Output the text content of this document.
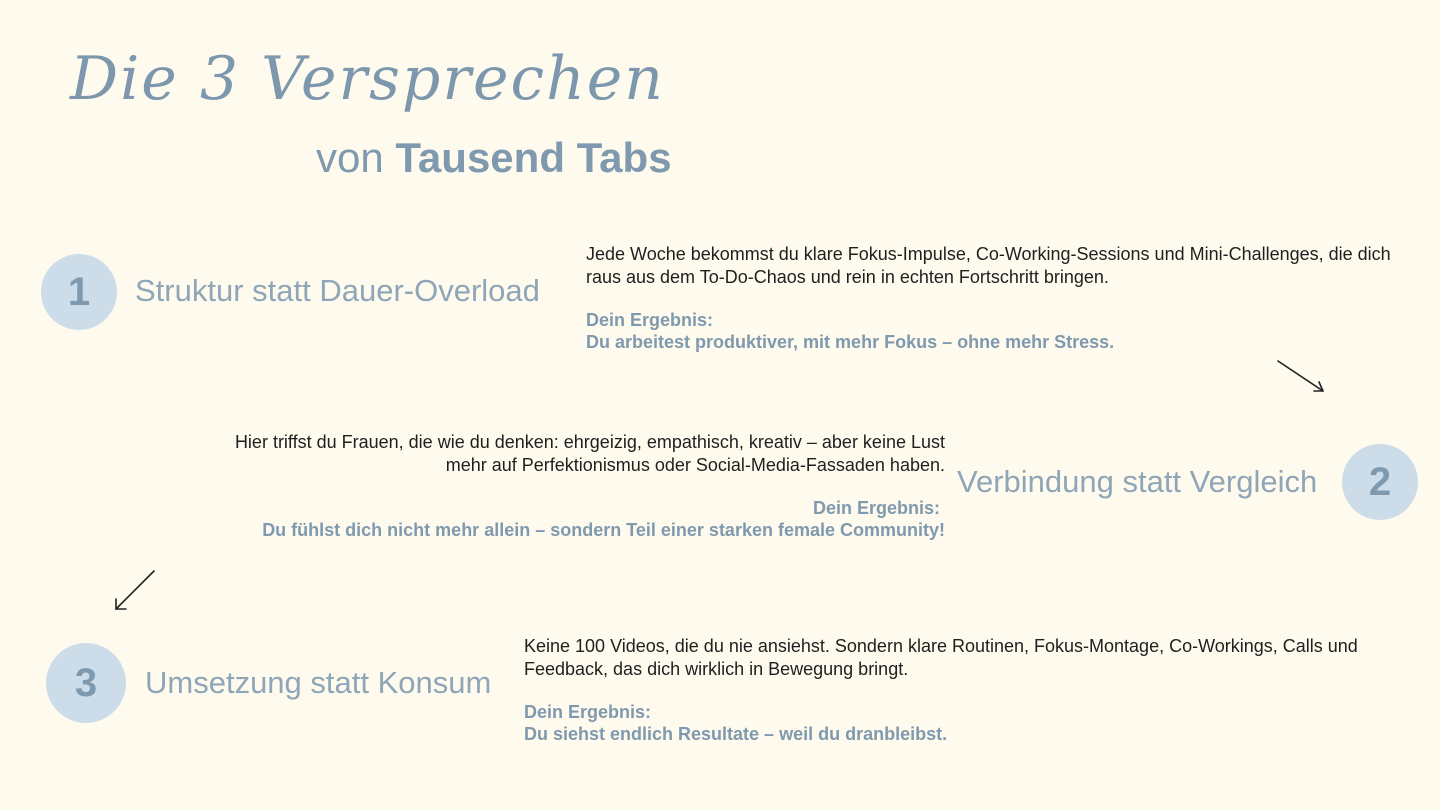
Die 3 Versprechen
von Tausend Tabs
1	Struktur statt Dauer-Overload
Jede Woche bekommst du klare Fokus-Impulse, Co-Working-Sessions und Mini-Challenges, die dich raus aus dem To-Do-Chaos und rein in echten Fortschritt bringen.
Dein Ergebnis:
Du arbeitest produktiver, mit mehr Fokus – ohne mehr Stress.
Hier triffst du Frauen, die wie du denken: ehrgeizig, empathisch, kreativ – aber keine Lust
mehr auf Perfektionismus oder Social-Media-Fassaden haben.
Dein Ergebnis:
Du fühlst dich nicht mehr allein – sondern Teil einer starken female Community!
Verbindung statt Vergleich	2
3	Umsetzung statt Konsum
Keine 100 Videos, die du nie ansiehst. Sondern klare Routinen, Fokus-Montage, Co-Workings, Calls und Feedback, das dich wirklich in Bewegung bringt.
Dein Ergebnis:
Du siehst endlich Resultate – weil du dranbleibst.
